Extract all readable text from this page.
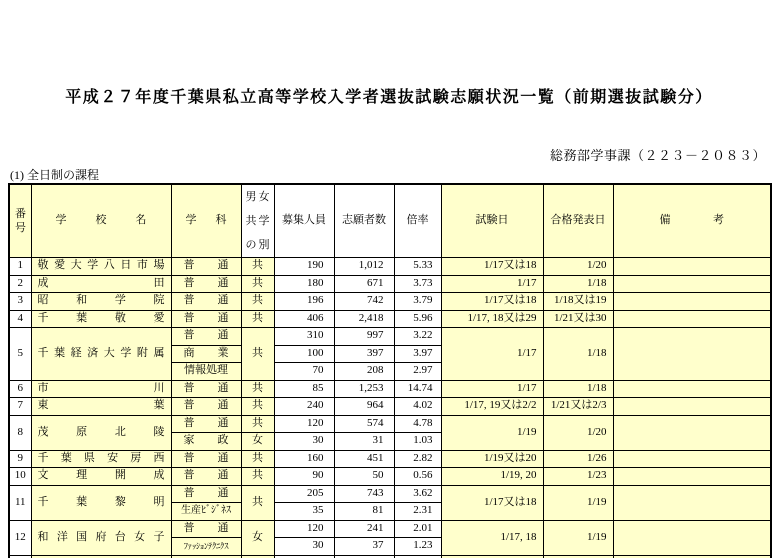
平成２７年度千葉県私立高等学校入学者選抜試験志願状況一覧（前期選抜試験分）
総務部学事課（２２３－２０８３）
(1) 全日制の課程
番号	学校名	学科	男女共学の別	募集人員	志願者数	倍率	試験日	合格発表日	備考
1	敬愛大学八日市場	普通	共	190	1,012	5.33	1/17又は18	1/20	
2	成田	普通	共	180	671	3.73	1/17	1/18	
3	昭和学院	普通	共	196	742	3.79	1/17又は18	1/18又は19	
4	千葉敬愛	普通	共	406	2,418	5.96	1/17, 18又は29	1/21又は30	
5	千葉経済大学附属	普通	共	310	997	3.22	1/17	1/18	
		商業		100	397	3.97			
		情報処理		70	208	2.97			
6	市川	普通	共	85	1,253	14.74	1/17	1/18	
7	東葉	普通	共	240	964	4.02	1/17, 19又は2/2	1/21又は2/3	
8	茂原北陵	普通	共	120	574	4.78	1/19	1/20	
		家政	女	30	31	1.03			
9	千葉県安房西	普通	共	160	451	2.82	1/19又は20	1/26	
10	文理開成	普通	共	90	50	0.56	1/19, 20	1/23	
11	千葉黎明	普通	共	205	743	3.62	1/17又は18	1/19	
		生産ﾋﾞｼﾞﾈｽ		35	81	2.31			
12	和洋国府台女子	普通	女	120	241	2.01	1/17, 18	1/19	
		ﾌｧｯｼｮﾝﾃｸﾆｸｽ		30	37	1.23			
